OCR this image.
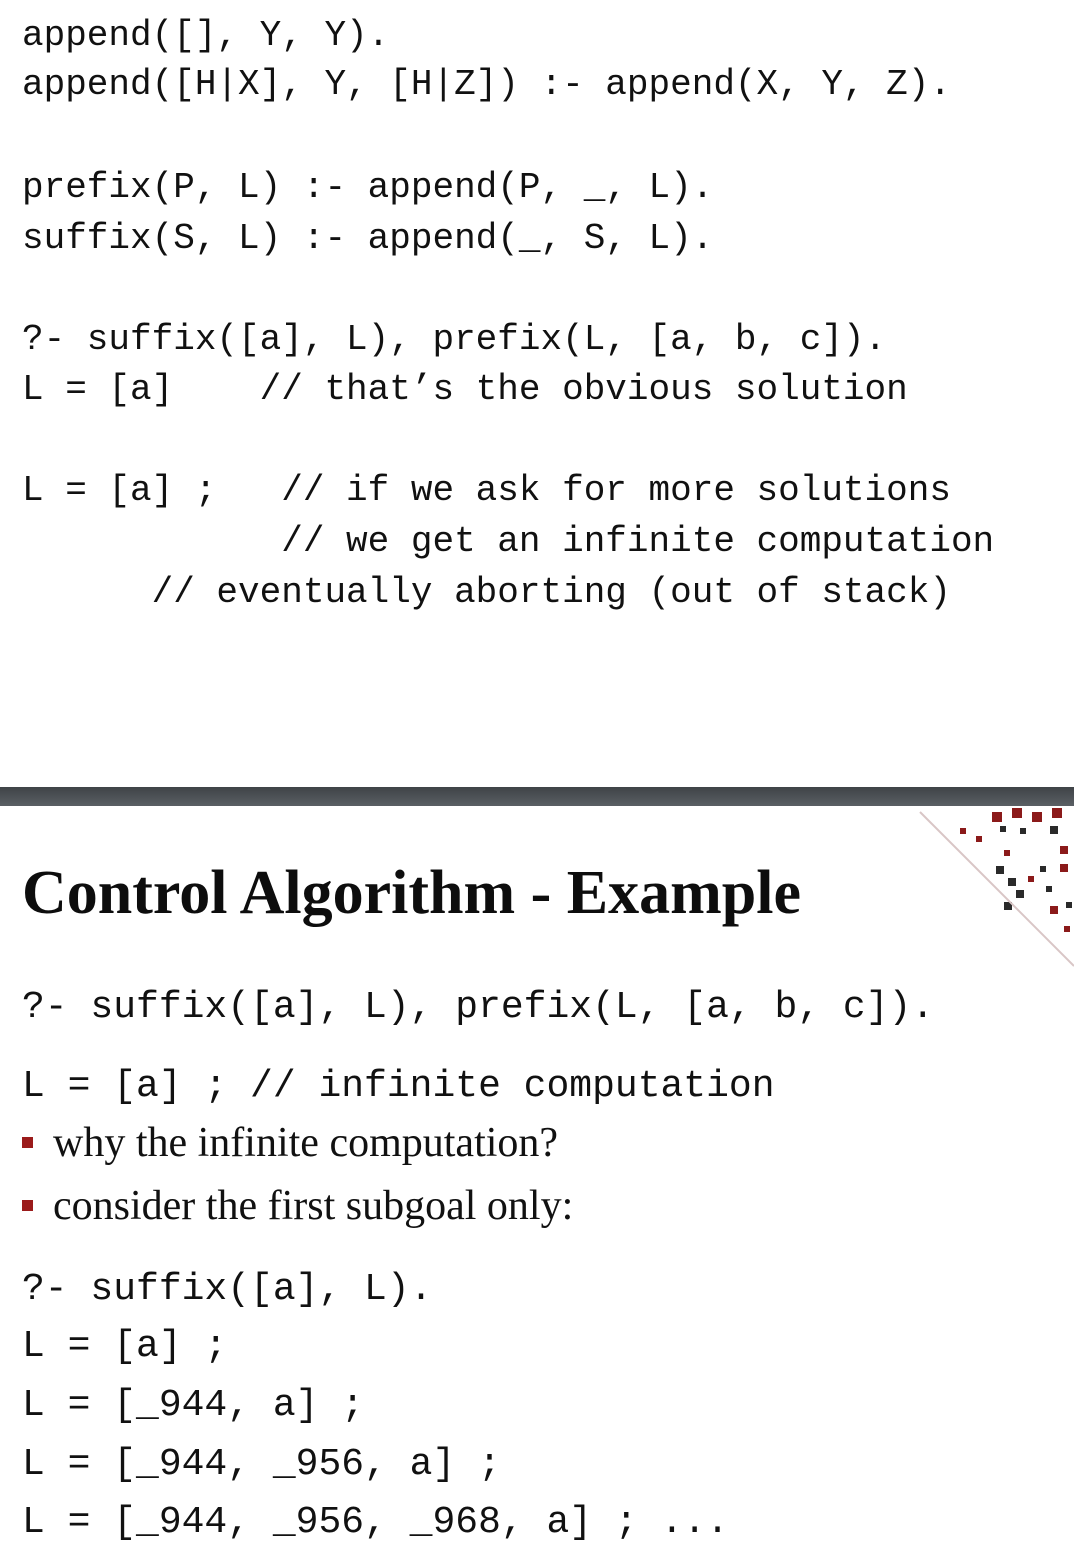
append([], Y, Y).

append([H|X], Y, [H|Z]) :- append(X, Y, Z).

prefix(P, L) :- append(P, _, L).

suffix(S, L) :- append(_, S, L).

?- suffix([a], L), prefix(L, [a, b, c]).

L = [a]    // that’s the obvious solution

L = [a] ;   // if we ask for more solutions

// we get an infinite computation

// eventually aborting (out of stack)

Control Algorithm - Example

?- suffix([a], L), prefix(L, [a, b, c]).

L = [a] ; // infinite computation

why the infinite computation?

consider the first subgoal only:

?- suffix([a], L).

L = [a] ;

L = [_944, a] ;

L = [_944, _956, a] ;

L = [_944, _956, _968, a] ; ...
